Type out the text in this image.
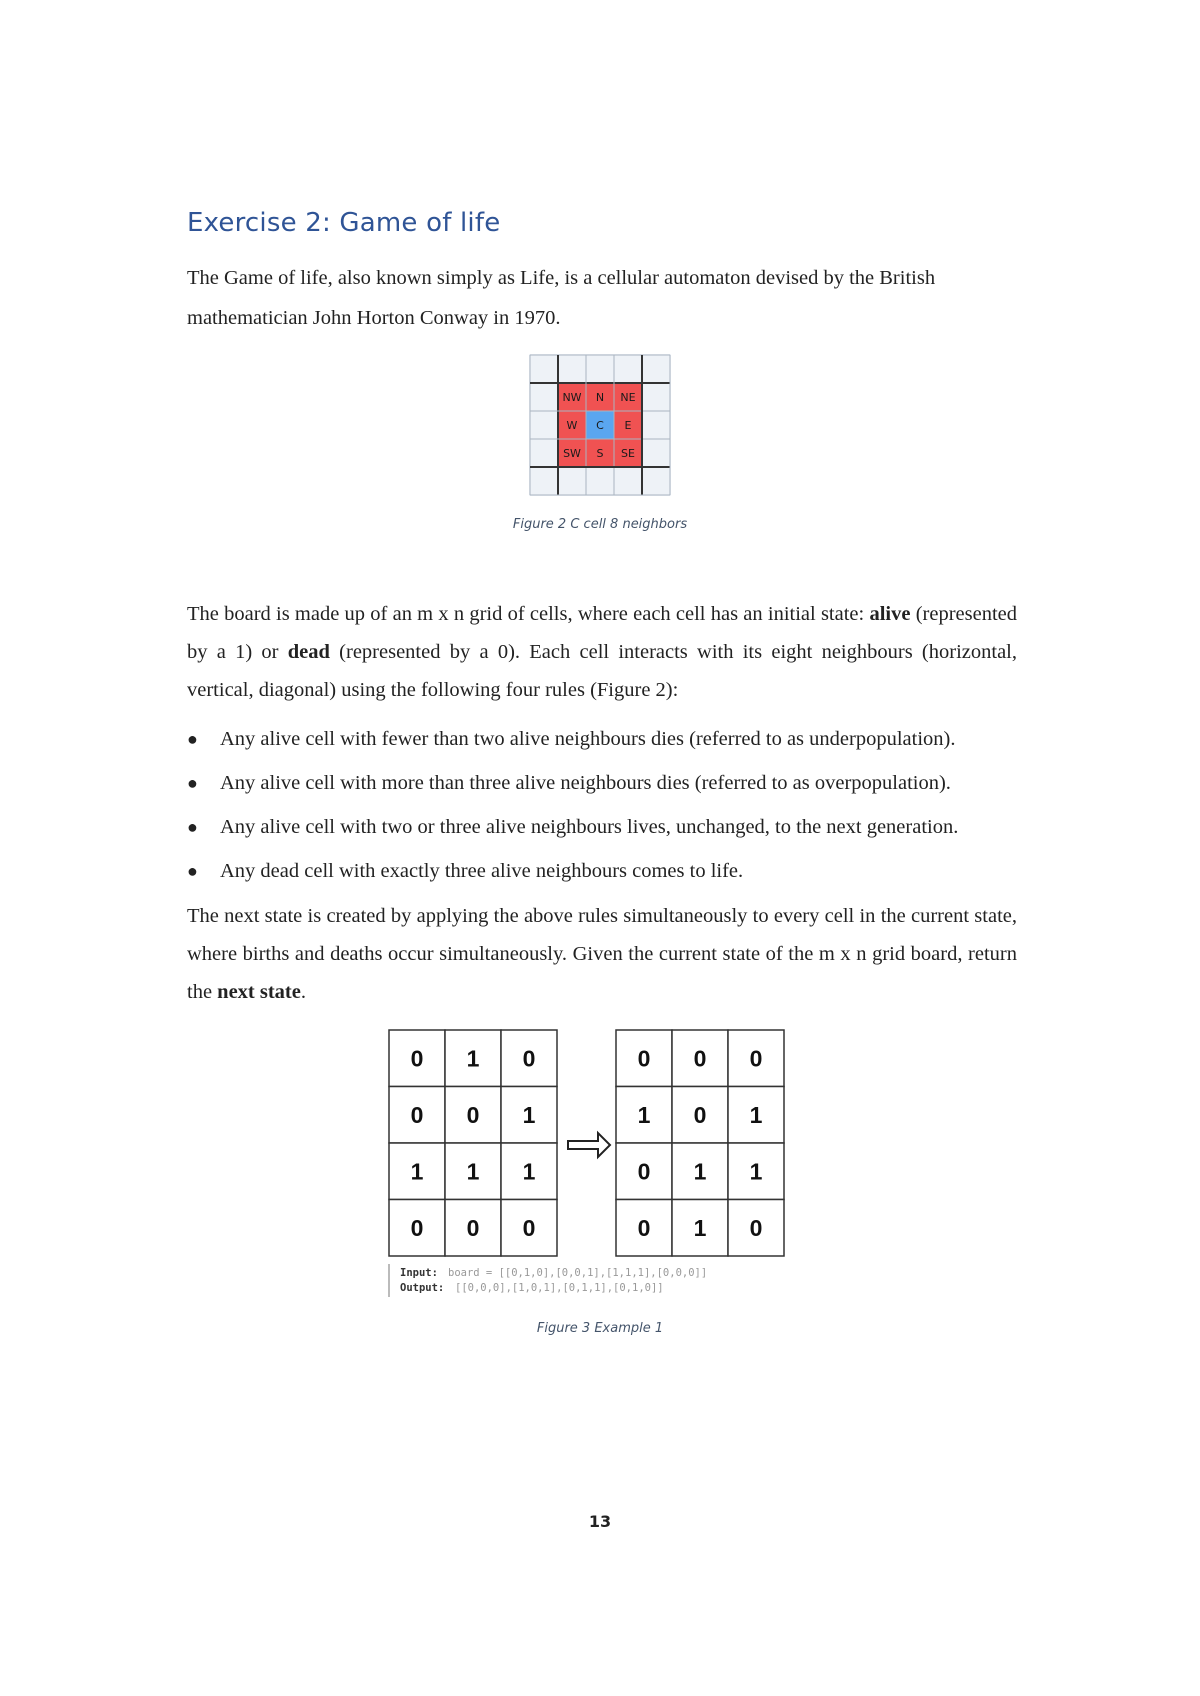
Exercise 2: Game of life

The Game of life, also known simply as Life, is a cellular automaton devised by the British mathematician John Horton Conway in 1970.

NW N NE
W C E
SW S SE

Figure 2 C cell 8 neighbors

The board is made up of an m x n grid of cells, where each cell has an initial state: alive (represented by a 1) or dead (represented by a 0). Each cell interacts with its eight neighbours (horizontal, vertical, diagonal) using the following four rules (Figure 2):

● Any alive cell with fewer than two alive neighbours dies (referred to as underpopulation).
● Any alive cell with more than three alive neighbours dies (referred to as overpopulation).
● Any alive cell with two or three alive neighbours lives, unchanged, to the next generation.
● Any dead cell with exactly three alive neighbours comes to life.

The next state is created by applying the above rules simultaneously to every cell in the current state, where births and deaths occur simultaneously. Given the current state of the m x n grid board, return the next state.

0 1 0
0 0 1
1 1 1
0 0 0
0 0 0
1 0 1
0 1 1
0 1 0
Input: board = [[0,1,0],[0,0,1],[1,1,1],[0,0,0]]
Output: [[0,0,0],[1,0,1],[0,1,1],[0,1,0]]

Figure 3 Example 1

13
